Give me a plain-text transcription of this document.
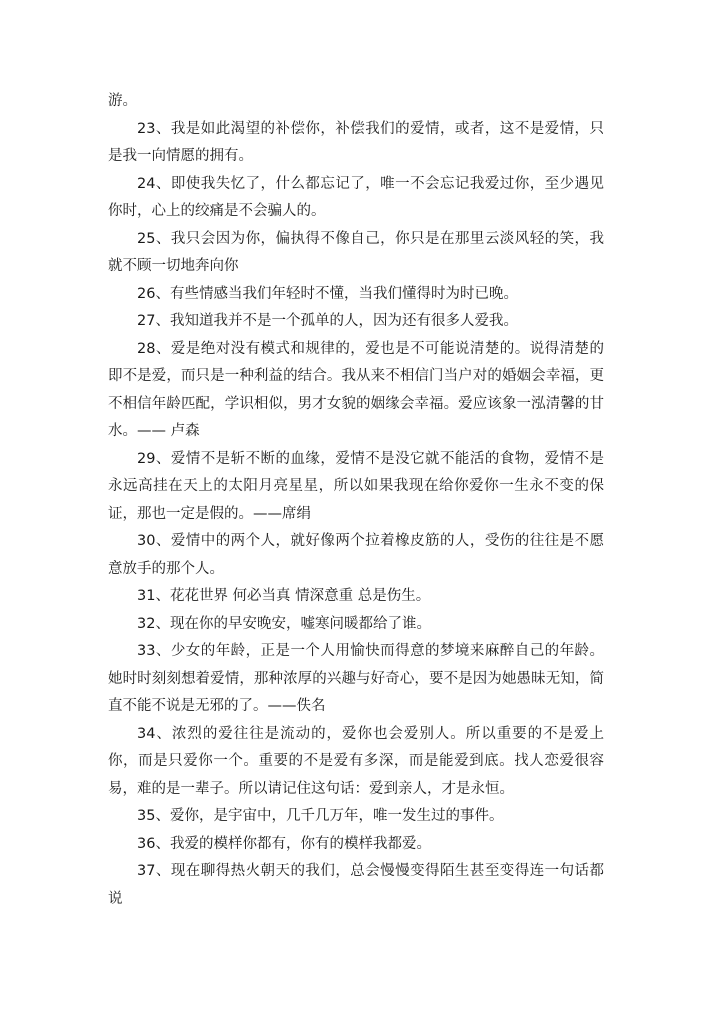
游。

23、我是如此渴望的补偿你，补偿我们的爱情，或者，这不是爱情，只是我一向情愿的拥有。

24、即使我失忆了，什么都忘记了，唯一不会忘记我爱过你，至少遇见你时，心上的绞痛是不会骗人的。

25、我只会因为你，偏执得不像自己，你只是在那里云淡风轻的笑，我就不顾一切地奔向你

26、有些情感当我们年轻时不懂，当我们懂得时为时已晚。

27、我知道我并不是一个孤单的人，因为还有很多人爱我。

28、爱是绝对没有模式和规律的，爱也是不可能说清楚的。说得清楚的即不是爱，而只是一种利益的结合。我从来不相信门当户对的婚姻会幸福，更不相信年龄匹配，学识相似，男才女貌的姻缘会幸福。爱应该象一泓清馨的甘水。—— 卢森

29、爱情不是斩不断的血缘，爱情不是没它就不能活的食物，爱情不是永远高挂在天上的太阳月亮星星，所以如果我现在给你爱你一生永不变的保证，那也一定是假的。——席绢

30、爱情中的两个人，就好像两个拉着橡皮筋的人，受伤的往往是不愿意放手的那个人。

31、花花世界 何必当真 情深意重 总是伤生。

32、现在你的早安晚安，嘘寒问暖都给了谁。

33、少女的年龄，正是一个人用愉快而得意的梦境来麻醉自己的年龄。她时时刻刻想着爱情，那种浓厚的兴趣与好奇心，要不是因为她愚昧无知，简直不能不说是无邪的了。——佚名

34、浓烈的爱往往是流动的，爱你也会爱别人。所以重要的不是爱上你，而是只爱你一个。重要的不是爱有多深，而是能爱到底。找人恋爱很容易，难的是一辈子。所以请记住这句话：爱到亲人，才是永恒。

35、爱你，是宇宙中，几千几万年，唯一发生过的事件。

36、我爱的模样你都有，你有的模样我都爱。

37、现在聊得热火朝天的我们，总会慢慢变得陌生甚至变得连一句话都说
